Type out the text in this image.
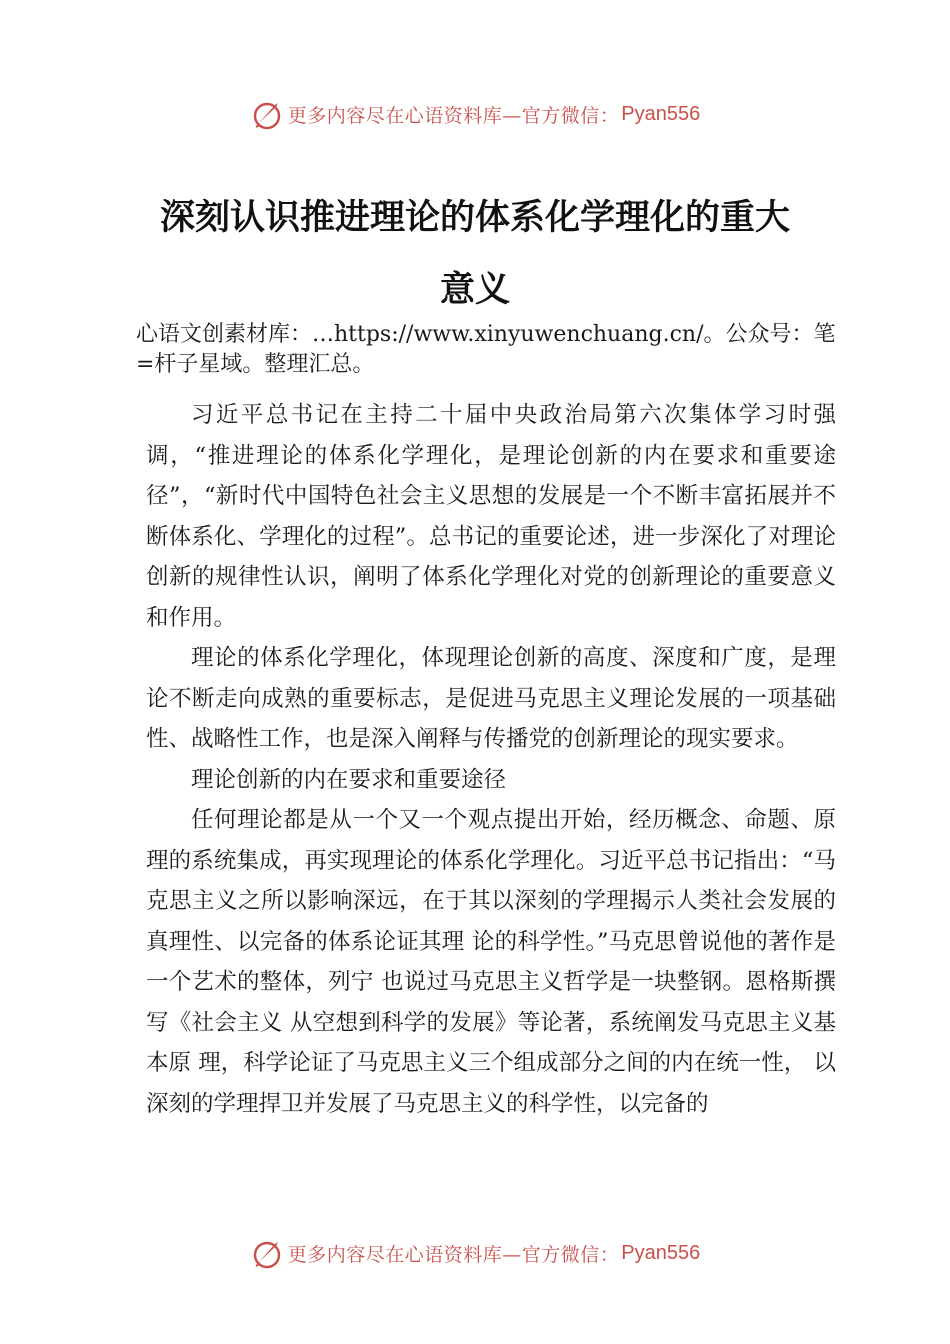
更多内容尽在心语资料库—官方微信： Pyan556
深刻认识推进理论的体系化学理化的重大
意义
心语文创素材库：…https://www.xinyuwenchuang.cn/。公众号：笔=杆子星域。整理汇总。

习近平总书记在主持二十届中央政治局第六次集体学习时强调，“推进理论的体系化学理化，是理论创新的内在要求和重要途径”，“新时代中国特色社会主义思想的发展是一个不断丰富拓展并不断体系化、学理化的过程”。总书记的重要论述，进一步深化了对理论创新的规律性认识，阐明了体系化学理化对党的创新理论的重要意义和作用。

理论的体系化学理化，体现理论创新的高度、深度和广度，是理论不断走向成熟的重要标志，是促进马克思主义理论发展的一项基础性、战略性工作，也是深入阐释与传播党的创新理论的现实要求。

理论创新的内在要求和重要途径

任何理论都是从一个又一个观点提出开始，经历概念、命题、原理的系统集成，再实现理论的体系化学理化。习近平总书记指出：“马克思主义之所以影响深远，在于其以深刻的学理揭示人类社会发展的真理性、以完备的体系论证其理 论的科学性。”马克思曾说他的著作是一个艺术的整体，列宁 也说过马克思主义哲学是一块整钢。恩格斯撰写《社会主义 从空想到科学的发展》等论著，系统阐发马克思主义基本原 理，科学论证了马克思主义三个组成部分之间的内在统一性， 以深刻的学理捍卫并发展了马克思主义的科学性，以完备的

更多内容尽在心语资料库—官方微信： Pyan556
